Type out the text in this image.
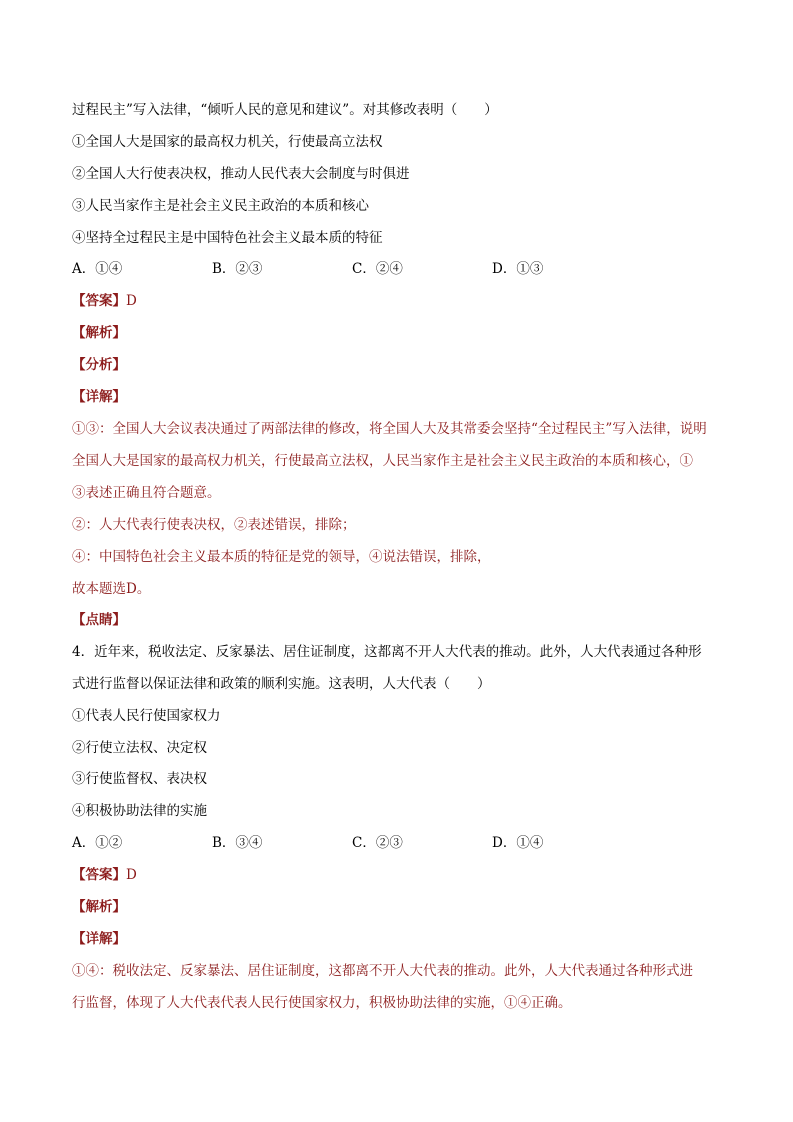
过程民主”写入法律，“倾听人民的意见和建议”。对其修改表明（　　）
①全国人大是国家的最高权力机关，行使最高立法权
②全国人大行使表决权，推动人民代表大会制度与时俱进
③人民当家作主是社会主义民主政治的本质和核心
④坚持全过程民主是中国特色社会主义最本质的特征
A．①④	B．②③	C．②④	D．①③
【答案】D
【解析】
【分析】
【详解】
①③：全国人大会议表决通过了两部法律的修改，将全国人大及其常委会坚持“全过程民主”写入法律，说明
全国人大是国家的最高权力机关，行使最高立法权，人民当家作主是社会主义民主政治的本质和核心，①
③表述正确且符合题意。
②：人大代表行使表决权，②表述错误，排除；
④：中国特色社会主义最本质的特征是党的领导，④说法错误，排除，
故本题选D。
【点睛】
4．近年来，税收法定、反家暴法、居住证制度，这都离不开人大代表的推动。此外，人大代表通过各种形
式进行监督以保证法律和政策的顺利实施。这表明，人大代表（　　）
①代表人民行使国家权力
②行使立法权、决定权
③行使监督权、表决权
④积极协助法律的实施
A．①②	B．③④	C．②③	D．①④
【答案】D
【解析】
【详解】
①④：税收法定、反家暴法、居住证制度，这都离不开人大代表的推动。此外，人大代表通过各种形式进
行监督，体现了人大代表代表人民行使国家权力，积极协助法律的实施，①④正确。
